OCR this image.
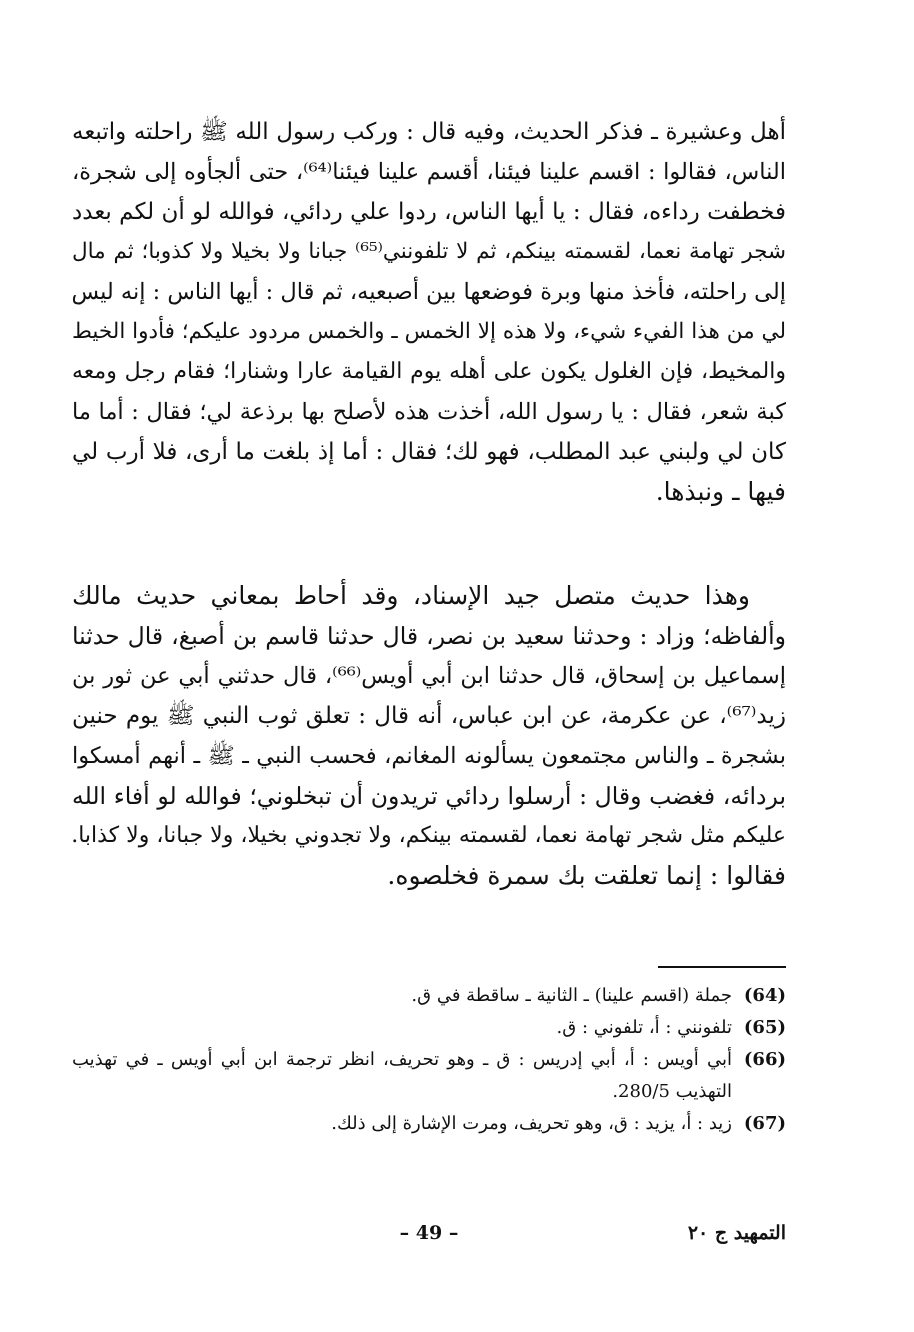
أهل وعشيرة ـ فذكر الحديث، وفيه قال : وركب رسول الله ﷺ راحلته واتبعه
الناس، فقالوا : اقسم علينا فيئنا، أقسم علينا فيئنا⁽⁶⁴⁾، حتى ألجأوه إلى شجرة،
فخطفت رداءه، فقال : يا أيها الناس، ردوا علي ردائي، فوالله لو أن لكم بعدد
شجر تهامة نعما، لقسمته بينكم، ثم لا تلفونني⁽⁶⁵⁾ جبانا ولا بخيلا ولا كذوبا؛ ثم مال
إلى راحلته، فأخذ منها وبرة فوضعها بين أصبعيه، ثم قال : أيها الناس : إنه ليس
لي من هذا الفيء شيء، ولا هذه إلا الخمس ـ والخمس مردود عليكم؛ فأدوا الخيط
والمخيط، فإن الغلول يكون على أهله يوم القيامة عارا وشنارا؛ فقام رجل ومعه
كبة شعر، فقال : يا رسول الله، أخذت هذه لأصلح بها برذعة لي؛ فقال : أما ما
كان لي ولبني عبد المطلب، فهو لك؛ فقال : أما إذ بلغت ما أرى، فلا أرب لي
فيها ـ ونبذها.
وهذا حديث متصل جيد الإسناد، وقد أحاط بمعاني حديث مالك
وألفاظه؛ وزاد : وحدثنا سعيد بن نصر، قال حدثنا قاسم بن أصبغ، قال حدثنا
إسماعيل بن إسحاق، قال حدثنا ابن أبي أويس⁽⁶⁶⁾، قال حدثني أبي عن ثور بن
زيد⁽⁶⁷⁾، عن عكرمة، عن ابن عباس، أنه قال : تعلق ثوب النبي ﷺ يوم حنين
بشجرة ـ والناس مجتمعون يسألونه المغانم، فحسب النبي ـ ﷺ ـ أنهم أمسكوا
بردائه، فغضب وقال : أرسلوا ردائي تريدون أن تبخلوني؛ فوالله لو أفاء الله
عليكم مثل شجر تهامة نعما، لقسمته بينكم، ولا تجدوني بخيلا، ولا جبانا، ولا كذابا.
فقالوا : إنما تعلقت بك سمرة فخلصوه.
(64)
جملة (اقسم علينا) ـ الثانية ـ ساقطة في ق.
(65)
تلفونني : أ، تلفوني : ق.
(66)
أبي أويس : أ، أبي إدريس : ق ـ وهو تحريف، انظر ترجمة ابن أبي أويس ـ في تهذيب
التهذيب 280/5.
(67)
زيد : أ، يزيد : ق، وهو تحريف، ومرت الإشارة إلى ذلك.
– 49 –	التمهيد ج ٢٠
